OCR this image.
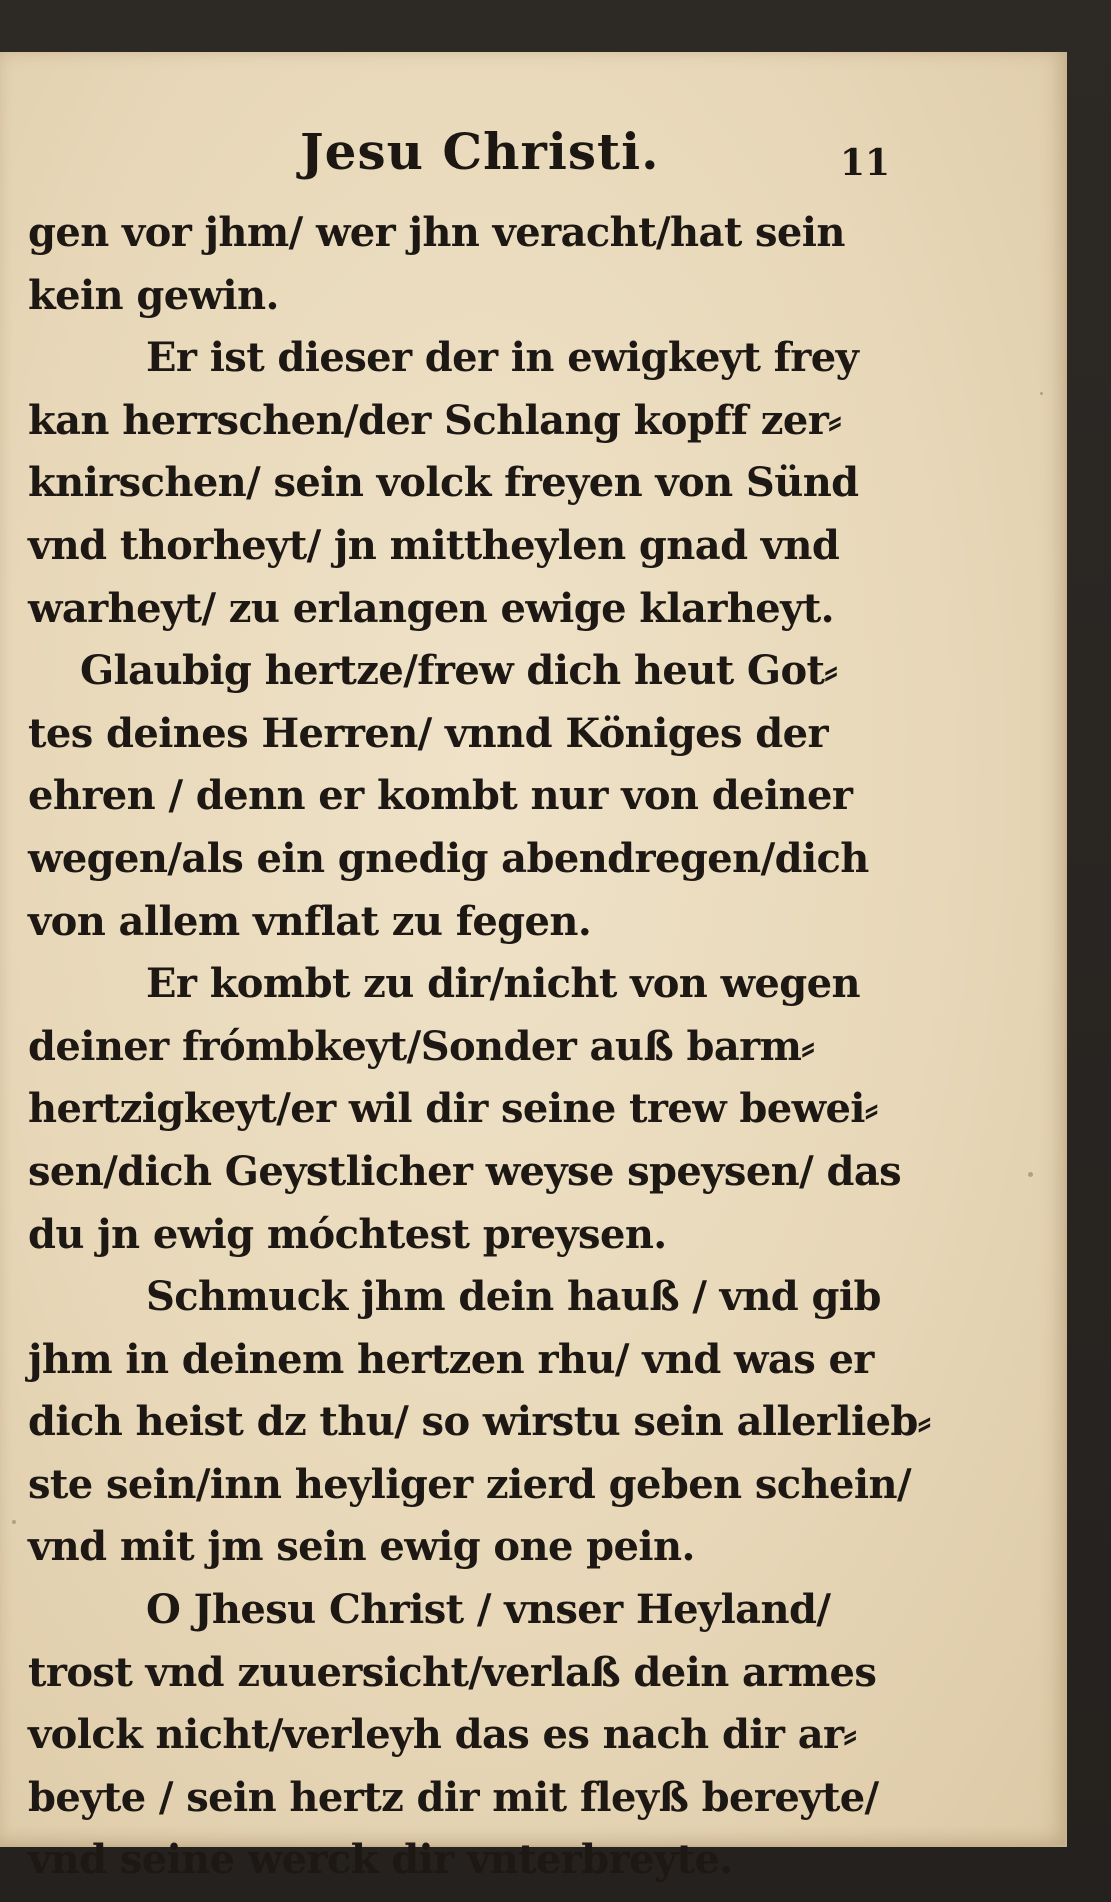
Jesu Christi.	11
gen vor jhm/ wer jhn veracht/hat sein
kein gewin.
Er ist dieser der in ewigkeyt frey
kan herrschen/der Schlang kopff zer⸗
knirschen/ sein volck freyen von Sünd
vnd thorheyt/ jn mittheylen gnad vnd
warheyt/ zu erlangen ewige klarheyt.
Glaubig hertze/frew dich heut Got⸗
tes deines Herren/ vnnd Königes der
ehren / denn er kombt nur von deiner
wegen/als ein gnedig abendregen/dich
von allem vnflat zu fegen.
Er kombt zu dir/nicht von wegen
deiner frómbkeyt/Sonder auß barm⸗
hertzigkeyt/er wil dir seine trew bewei⸗
sen/dich Geystlicher weyse speysen/ das
du jn ewig móchtest preysen.
Schmuck jhm dein hauß / vnd gib
jhm in deinem hertzen rhu/ vnd was er
dich heist dz thu/ so wirstu sein allerlieb⸗
ste sein/inn heyliger zierd geben schein/
vnd mit jm sein ewig one pein.
O Jhesu Christ / vnser Heyland/
trost vnd zuuersicht/verlaß dein armes
volck nicht/verleyh das es nach dir ar⸗
beyte / sein hertz dir mit fleyß bereyte/
vnd seine werck dir vnterbreyte.
